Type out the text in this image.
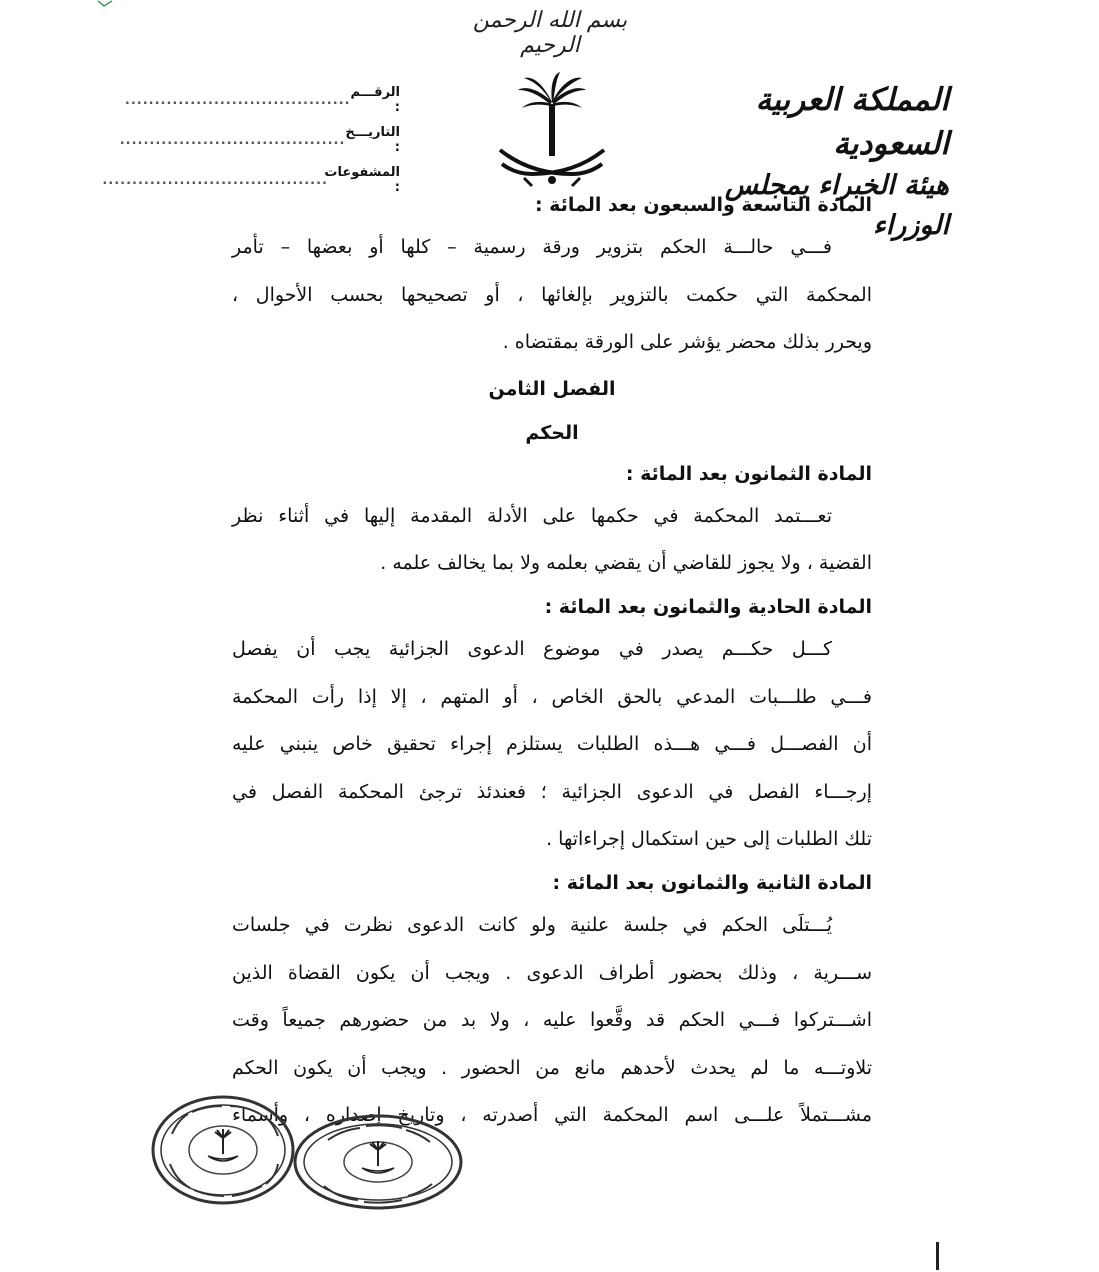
بسم الله الرحمن الرحيم
المملكة العربية السعودية
هيئة الخبراء بمجلس الوزراء
الرقـــم :
......................................
التاريـــخ :
......................................
المشفوعات :
......................................

المادة التاسعة والسبعون بعد المائة :

فـــي حالـــة الحكم بتزوير ورقة رسمية – كلها أو بعضها – تأمر

المحكمة التي حكمت بالتزوير بإلغائها ، أو تصحيحها بحسب الأحوال ،

ويحرر بذلك محضر يؤشر على الورقة بمقتضاه .

الفصل الثامن

الحكم

المادة الثمانون بعد المائة :

تعـــتمد المحكمة في حكمها على الأدلة المقدمة إليها في أثناء نظر

القضية ، ولا يجوز للقاضي أن يقضي بعلمه ولا بما يخالف علمه .

المادة الحادية والثمانون بعد المائة :

كـــل حكـــم يصدر في موضوع الدعوى الجزائية يجب أن يفصل

فـــي طلـــبات المدعي بالحق الخاص ، أو المتهم ، إلا إذا رأت المحكمة

أن الفصـــل فـــي هـــذه الطلبات يستلزم إجراء تحقيق خاص ينبني عليه

إرجـــاء الفصل في الدعوى الجزائية ؛ فعندئذ ترجئ المحكمة الفصل في

تلك الطلبات إلى حين استكمال إجراءاتها .

المادة الثانية والثمانون بعد المائة :

يُـــتلَى الحكم في جلسة علنية ولو كانت الدعوى نظرت في جلسات

ســـرية ، وذلك بحضور أطراف الدعوى . ويجب أن يكون القضاة الذين

اشـــتركوا فـــي الحكم قد وقَّعوا عليه ، ولا بد من حضورهم جميعاً وقت

تلاوتـــه ما لم يحدث لأحدهم مانع من الحضور . ويجب أن يكون الحكم

مشـــتملاً علـــى اسم المحكمة التي أصدرته ، وتاريخ إصداره ، وأسماء
